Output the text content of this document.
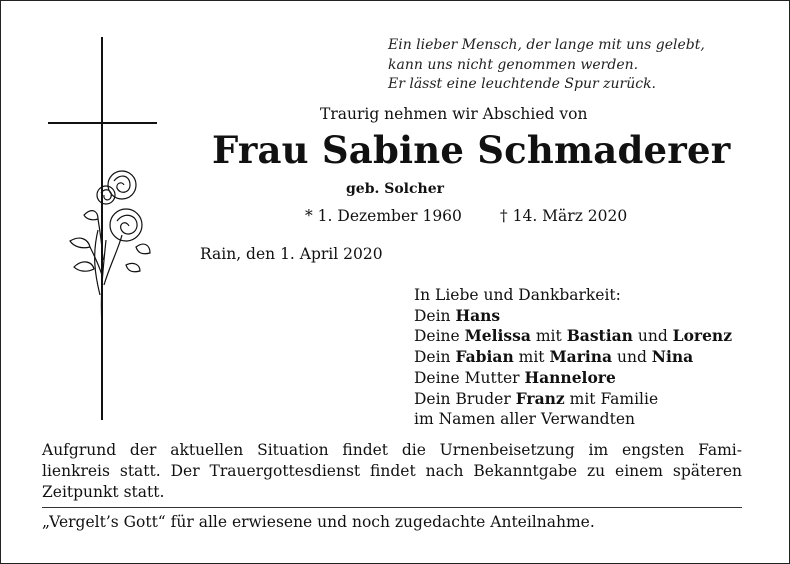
Ein lieber Mensch, der lange mit uns gelebt,
kann uns nicht genommen werden.
Er lässt eine leuchtende Spur zurück.
Traurig nehmen wir Abschied von
Frau Sabine Schmaderer
geb. Solcher
* 1. Dezember 1960 † 14. März 2020
Rain, den 1. April 2020
In Liebe und Dankbarkeit:
Dein Hans
Deine Melissa mit Bastian und Lorenz
Dein Fabian mit Marina und Nina
Deine Mutter Hannelore
Dein Bruder Franz mit Familie
im Namen aller Verwandten
Aufgrund der aktuellen Situation findet die Urnenbeisetzung im engsten Fami-
lienkreis statt. Der Trauergottesdienst findet nach Bekanntgabe zu einem späteren
Zeitpunkt statt.
„Vergelt’s Gott“ für alle erwiesene und noch zugedachte Anteilnahme.
